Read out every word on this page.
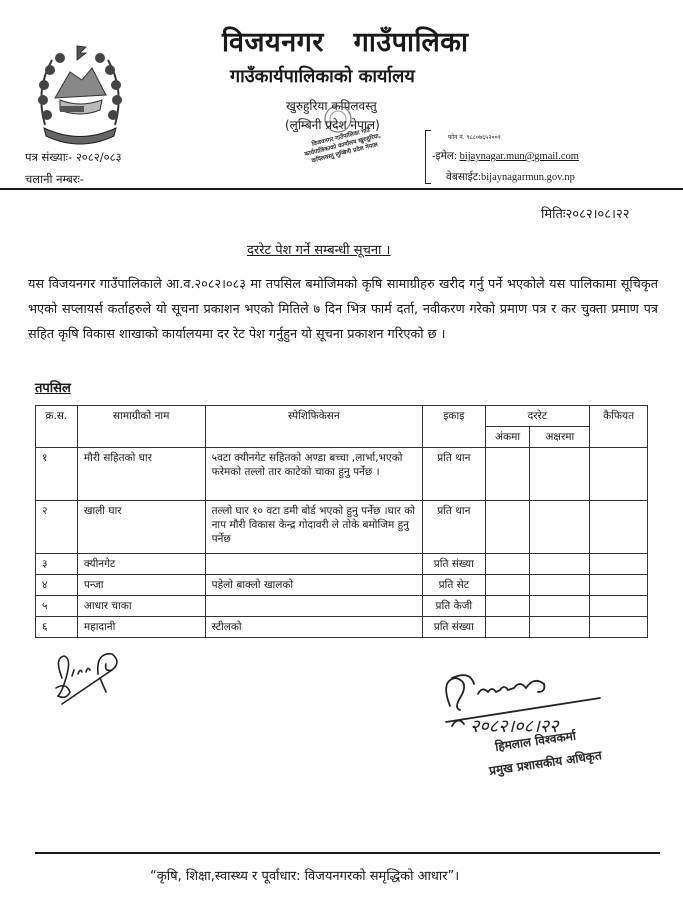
विजयनगर   गाउँपालिका
गाउँकार्यपालिकाको कार्यालय
विजयनगर गाउँपालिका गाउँ कार्यपालिकाको कार्यालय खुरुहुरिया, कपिलवस्तु लुम्बिनी प्रदेश नेपाल
खुरुहुरिया कपिलवस्तु
(लुम्बिनी प्रदेश नेपाल)
पत्र संख्याः- २०८२/०८३
चलानी नम्बरः-
फोन नं. ९८८०७६५२००१
-इमेल: bijaynagar.mun@gmail.com
वेबसाईट:bijaynagarmun.gov.np
मितिः२०८२।०८।२२
दररेट पेश गर्ने सम्बन्धी सूचना ।
यस विजयनगर गाउँपालिकाले आ.व.२०८२।०८३ मा तपसिल बमोजिमको कृषि सामाग्रीहरु खरीद गर्नु पर्ने भएकोले यस पालिकामा सूचिकृत भएको सप्लायर्स कर्ताहरुले यो सूचना प्रकाशन भएको मितिले ७ दिन भित्र फार्म दर्ता, नवीकरण गरेको प्रमाण पत्र र कर चुक्ता प्रमाण पत्र सहित कृषि विकास शाखाको कार्यालयमा दर रेट पेश गर्नुहुन यो सूचना प्रकाशन गरिएको छ ।
तपसिल
क्र.स.	सामाग्रीको नाम	स्पेशिफिकेसन	इकाइ	दररेट		कैफियत
				अंकमा	अक्षरमा	
१	मौरी सहितको घार	५वटा क्यीनगेट सहितको अण्डा बच्चा ,लार्भा,भएको फरेमको तल्लो तार काटेको चाका हुनु पर्नेछ ।	प्रति थान			
२	खाली घार	तल्लो घार १० वटा डमी बोर्ड भएको हुनु पर्नेछ ।घार को नाप मौरी विकास केन्द्र गोदावरी ले तोके बमोजिम हुनु पर्नेछ	प्रति थान			
३	क्यीनगेट		प्रति संख्या			
४	पन्जा	पहेलो बाक्लो खालको	प्रति सेट			
५	आधार चाका		प्रति केजी			
६	महादानी	स्टीलको	प्रति संख्या			
२०८२।०८।२२
हिमलाल विश्वकर्मा
प्रमुख प्रशासकीय अधिकृत
“कृषि, शिक्षा,स्वास्थ्य र पूर्वाधार: विजयनगरको समृद्धिको आधार”।
